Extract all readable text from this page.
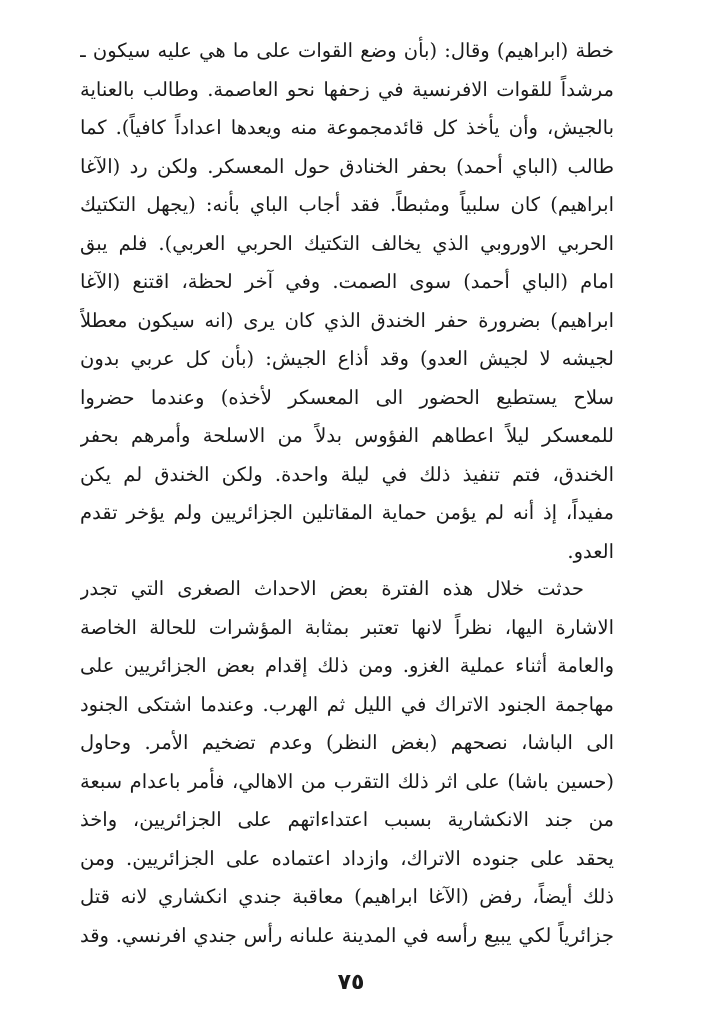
خطة (ابراهيم) وقال: (بأن وضع القوات على ما هي عليه سيكون ـ
مرشداً للقوات الافرنسية في زحفها نحو العاصمة. وطالب بالعناية
بالجيش، وأن يأخذ كل قائدمجموعة منه ويعدها اعداداً كافياً). كما
طالب (الباي أحمد) بحفر الخنادق حول المعسكر. ولكن رد (الآغا
ابراهيم) كان سلبياً ومثبطاً. فقد أجاب الباي بأنه: (يجهل التكتيك
الحربي الاوروبي الذي يخالف التكتيك الحربي العربي). فلم يبق
امام (الباي أحمد) سوى الصمت. وفي آخر لحظة، اقتنع (الآغا
ابراهيم) بضرورة حفر الخندق الذي كان يرى (انه سيكون معطلاً
لجيشه لا لجيش العدو) وقد أذاع الجيش: (بأن كل عربي بدون
سلاح يستطيع الحضور الى المعسكر لأخذه) وعندما حضروا
للمعسكر ليلاً اعطاهم الفؤوس بدلاً من الاسلحة وأمرهم بحفر
الخندق، فتم تنفيذ ذلك في ليلة واحدة. ولكن الخندق لم يكن
مفيداً، إذ أنه لم يؤمن حماية المقاتلين الجزائريين ولم يؤخر تقدم
العدو.
حدثت خلال هذه الفترة بعض الاحداث الصغرى التي تجدر
الاشارة اليها، نظراً لانها تعتبر بمثابة المؤشرات للحالة الخاصة
والعامة أثناء عملية الغزو. ومن ذلك إقدام بعض الجزائريين على
مهاجمة الجنود الاتراك في الليل ثم الهرب. وعندما اشتكى الجنود
الى الباشا، نصحهم (بغض النظر) وعدم تضخيم الأمر. وحاول
(حسين باشا) على اثر ذلك التقرب من الاهالي، فأمر باعدام سبعة
من جند الانكشارية بسبب اعتداءاتهم على الجزائريين، واخذ
يحقد على جنوده الاتراك، وازداد اعتماده على الجزائريين. ومن
ذلك أيضاً، رفض (الآغا ابراهيم) معاقبة جندي انكشاري لانه قتل
جزائرياً لكي يبيع رأسه في المدينة علىانه رأس جندي افرنسي. وقد
٧٥
